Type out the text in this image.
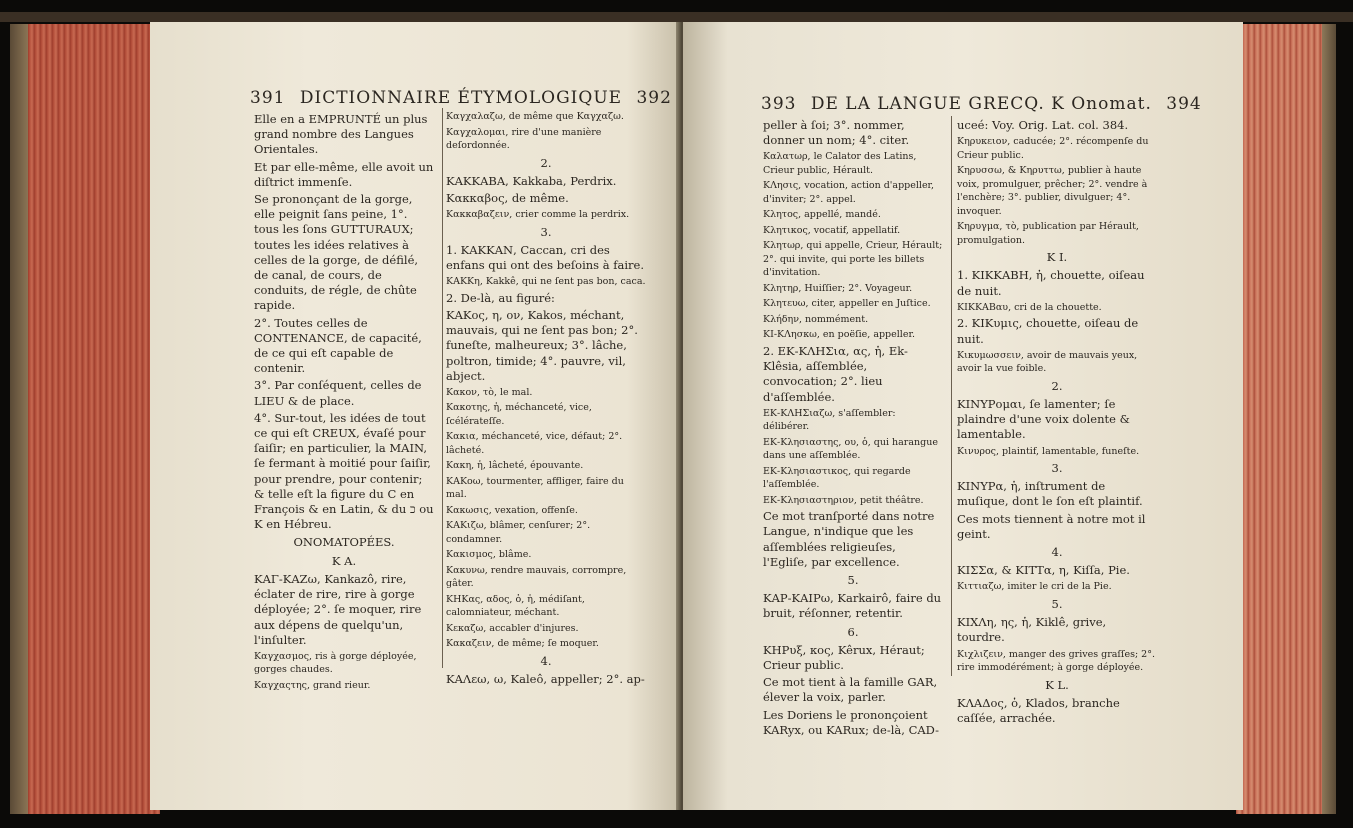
391 DICTIONNAIRE ÉTYMOLOGIQUE 392

Elle en a EMPRUNTÉ un plus grand nombre des Langues Orientales.

Et par elle-même, elle avoit un diſtrict immenſe.

Se prononçant de la gorge, elle peignit ſans peine, 1°. tous les ſons GUTTURAUX; toutes les idées relatives à celles de la gorge, de défilé, de canal, de cours, de conduits, de régle, de chûte rapide.

2°. Toutes celles de CONTENANCE, de capacité, de ce qui eſt capable de contenir.

3°. Par conſéquent, celles de LIEU & de place.

4°. Sur-tout, les idées de tout ce qui eſt CREUX, évaſé pour ſaiſir; en particulier, la MAIN, ſe fermant à moitié pour ſaiſir, pour prendre, pour contenir; & telle eſt la figure du C en François & en Latin, & du כ ou K en Hébreu.

ONOMATOPÉES.

K A.

ΚΑΓ-ΚΑΖω, Kankazô, rire, éclater de rire, rire à gorge déployée; 2°. ſe moquer, rire aux dépens de quelqu'un, l'inſulter.

Καγχασμος, ris à gorge déployée, gorges chaudes.

Καγχαςτης, grand rieur.

Καγχαλαζω, de même que Καγχαζω.

Καγχαλομαι, rire d'une manière deſordonnée.

2.

ΚΑΚΚΑΒΑ, Kakkaba, Perdrix.

Κακκαβος, de même.

Κακκαβαζειν, crier comme la perdrix.

3.

1. ΚΑΚΚΑΝ, Caccan, cri des enfans qui ont des beſoins à faire.

ΚΑΚΚη, Kakkê, qui ne ſent pas bon, caca.

2. De-là, au figuré:

ΚΑΚος, η, ον, Kakos, méchant, mauvais, qui ne ſent pas bon; 2°. funeſte, malheureux; 3°. lâche, poltron, timide; 4°. pauvre, vil, abject.

Κακον, τὸ, le mal.

Κακοτης, ἡ, méchanceté, vice, ſcélérateſſe.

Κακια, méchanceté, vice, défaut; 2°. lâcheté.

Κακη, ἡ, lâcheté, épouvante.

ΚΑΚοω, tourmenter, affliger, faire du mal.

Κακωσις, vexation, offenſe.

ΚΑΚιζω, blâmer, cenſurer; 2°. condamner.

Κακισμος, blâme.

Κακυνω, rendre mauvais, corrompre, gâter.

ΚΗΚας, αδος, ὁ, ἡ, médiſant, calomniateur, méchant.

Κεκαζω, accabler d'injures.

Κακαζειν, de même; ſe moquer.

4.

ΚΑΛεω, ω, Kaleô, appeller; 2°. ap-

393 DE LA LANGUE GRECQ. K Onomat. 394

peller à ſoi; 3°. nommer, donner un nom; 4°. citer.

Καλατωρ, le Calator des Latins, Crieur public, Hérault.

ΚΛησις, vocation, action d'appeller, d'inviter; 2°. appel.

Κλητος, appellé, mandé.

Κλητικος, vocatif, appellatif.

Κλητωρ, qui appelle, Crieur, Hérault; 2°. qui invite, qui porte les billets d'invitation.

Κλητηρ, Huiſſier; 2°. Voyageur.

Κλητευω, citer, appeller en Juſtice.

Κλήδην, nommément.

ΚΙ-ΚΛησκω, en poëſie, appeller.

2. ΕΚ-ΚΛΗΣια, ας, ἡ, Ek-Klêsia, aſſemblée, convocation; 2°. lieu d'aſſemblée.

ΕΚ-ΚΛΗΣιαζω, s'aſſembler: délibérer.

ΕΚ-Κλησιαστης, ου, ὁ, qui harangue dans une aſſemblée.

ΕΚ-Κλησιαστικος, qui regarde l'aſſemblée.

ΕΚ-Κλησιαστηριον, petit théâtre.

Ce mot tranſporté dans notre Langue, n'indique que les aſſemblées religieuſes, l'Egliſe, par excellence.

5.

ΚΑΡ-ΚΑΙΡω, Karkairô, faire du bruit, réſonner, retentir.

6.

ΚΗΡυξ, κος, Kêrux, Héraut; Crieur public.

Ce mot tient à la famille GAR, élever la voix, parler.

Les Doriens le prononçoient KARyx, ou KARux; de-là, CAD-

uceé: Voy. Orig. Lat. col. 384.

Κηρυκειον, caducée; 2°. récompenſe du Crieur public.

Κηρυσσω, & Κηρυττω, publier à haute voix, promulguer, prêcher; 2°. vendre à l'enchère; 3°. publier, divulguer; 4°. invoquer.

Κηρυγμα, τὸ, publication par Hérault, promulgation.

K I.

1. ΚΙΚΚΑΒΗ, ἡ, chouette, oiſeau de nuit.

ΚΙΚΚΑΒαυ, cri de la chouette.

2. ΚΙΚυμις, chouette, oiſeau de nuit.

Κικυμωσσειν, avoir de mauvais yeux, avoir la vue foible.

2.

ΚΙΝΥΡομαι, ſe lamenter; ſe plaindre d'une voix dolente & lamentable.

Κινυρος, plaintif, lamentable, funeſte.

3.

ΚΙΝΥΡα, ἡ, inſtrument de muſique, dont le ſon eſt plaintif.

Ces mots tiennent à notre mot il geint.

4.

ΚΙΣΣα, & ΚΙΤΤα, η, Kiſſa, Pie.

Κιττιαζω, imiter le cri de la Pie.

5.

ΚΙΧΛη, ης, ἡ, Kiklê, grive, tourdre.

Κιχλιζειν, manger des grives graſſes; 2°. rire immodérément; à gorge déployée.

K L.

ΚΛΑΔος, ὁ, Klados, branche caſſée, arrachée.
